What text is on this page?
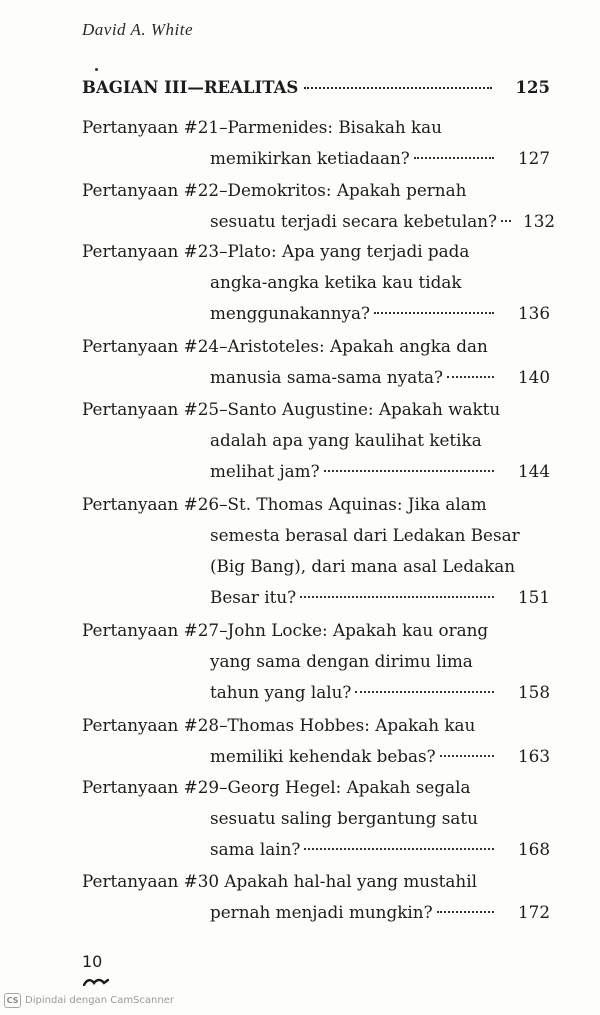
David A. White
BAGIAN III—REALITAS	125
Pertanyaan #21–Parmenides: Bisakah kau
memikirkan ketiadaan?	127
Pertanyaan #22–Demokritos: Apakah pernah
sesuatu terjadi secara kebetulan? 132
Pertanyaan #23–Plato: Apa yang terjadi pada
angka-angka ketika kau tidak
menggunakannya?	136
Pertanyaan #24–Aristoteles: Apakah angka dan
manusia sama-sama nyata?	140
Pertanyaan #25–Santo Augustine: Apakah waktu
adalah apa yang kaulihat ketika
melihat jam?	144
Pertanyaan #26–St. Thomas Aquinas: Jika alam
semesta berasal dari Ledakan Besar
(Big Bang), dari mana asal Ledakan
Besar itu?	151
Pertanyaan #27–John Locke: Apakah kau orang
yang sama dengan dirimu lima
tahun yang lalu?	158
Pertanyaan #28–Thomas Hobbes: Apakah kau
memiliki kehendak bebas?	163
Pertanyaan #29–Georg Hegel: Apakah segala
sesuatu saling bergantung satu
sama lain?	168
Pertanyaan #30 Apakah hal-hal yang mustahil
pernah menjadi mungkin?	172
10
CS Dipindai dengan CamScanner
